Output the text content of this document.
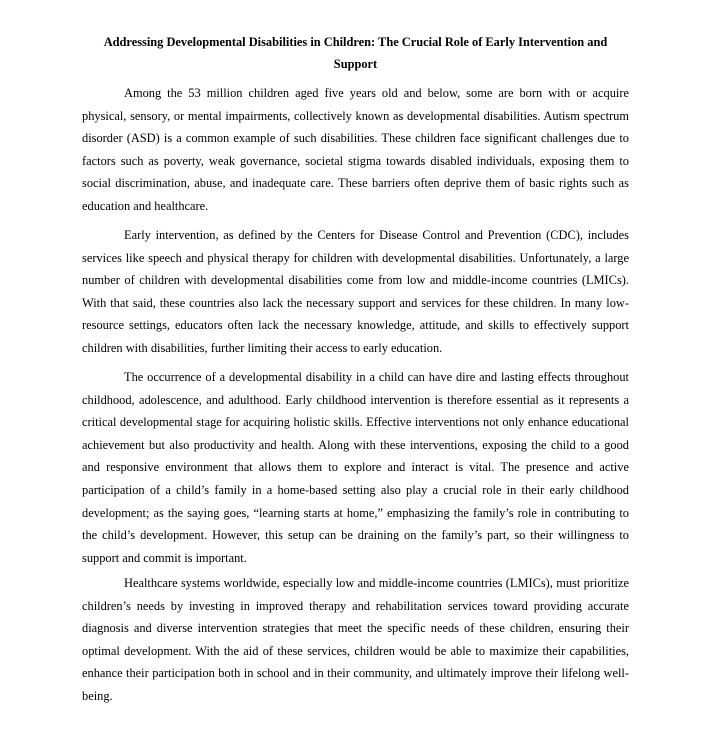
Addressing Developmental Disabilities in Children: The Crucial Role of Early Intervention and Support

Among the 53 million children aged five years old and below, some are born with or acquire physical, sensory, or mental impairments, collectively known as developmental disabilities. Autism spectrum disorder (ASD) is a common example of such disabilities. These children face significant challenges due to factors such as poverty, weak governance, societal stigma towards disabled individuals, exposing them to social discrimination, abuse, and inadequate care. These barriers often deprive them of basic rights such as education and healthcare.

Early intervention, as defined by the Centers for Disease Control and Prevention (CDC), includes services like speech and physical therapy for children with developmental disabilities. Unfortunately, a large number of children with developmental disabilities come from low and middle-income countries (LMICs). With that said, these countries also lack the necessary support and services for these children. In many low-resource settings, educators often lack the necessary knowledge, attitude, and skills to effectively support children with disabilities, further limiting their access to early education.

The occurrence of a developmental disability in a child can have dire and lasting effects throughout childhood, adolescence, and adulthood. Early childhood intervention is therefore essential as it represents a critical developmental stage for acquiring holistic skills. Effective interventions not only enhance educational achievement but also productivity and health. Along with these interventions, exposing the child to a good and responsive environment that allows them to explore and interact is vital. The presence and active participation of a child’s family in a home-based setting also play a crucial role in their early childhood development; as the saying goes, “learning starts at home,” emphasizing the family’s role in contributing to the child’s development. However, this setup can be draining on the family’s part, so their willingness to support and commit is important.

Healthcare systems worldwide, especially low and middle-income countries (LMICs), must prioritize children’s needs by investing in improved therapy and rehabilitation services toward providing accurate diagnosis and diverse intervention strategies that meet the specific needs of these children, ensuring their optimal development. With the aid of these services, children would be able to maximize their capabilities, enhance their participation both in school and in their community, and ultimately improve their lifelong well-being.
